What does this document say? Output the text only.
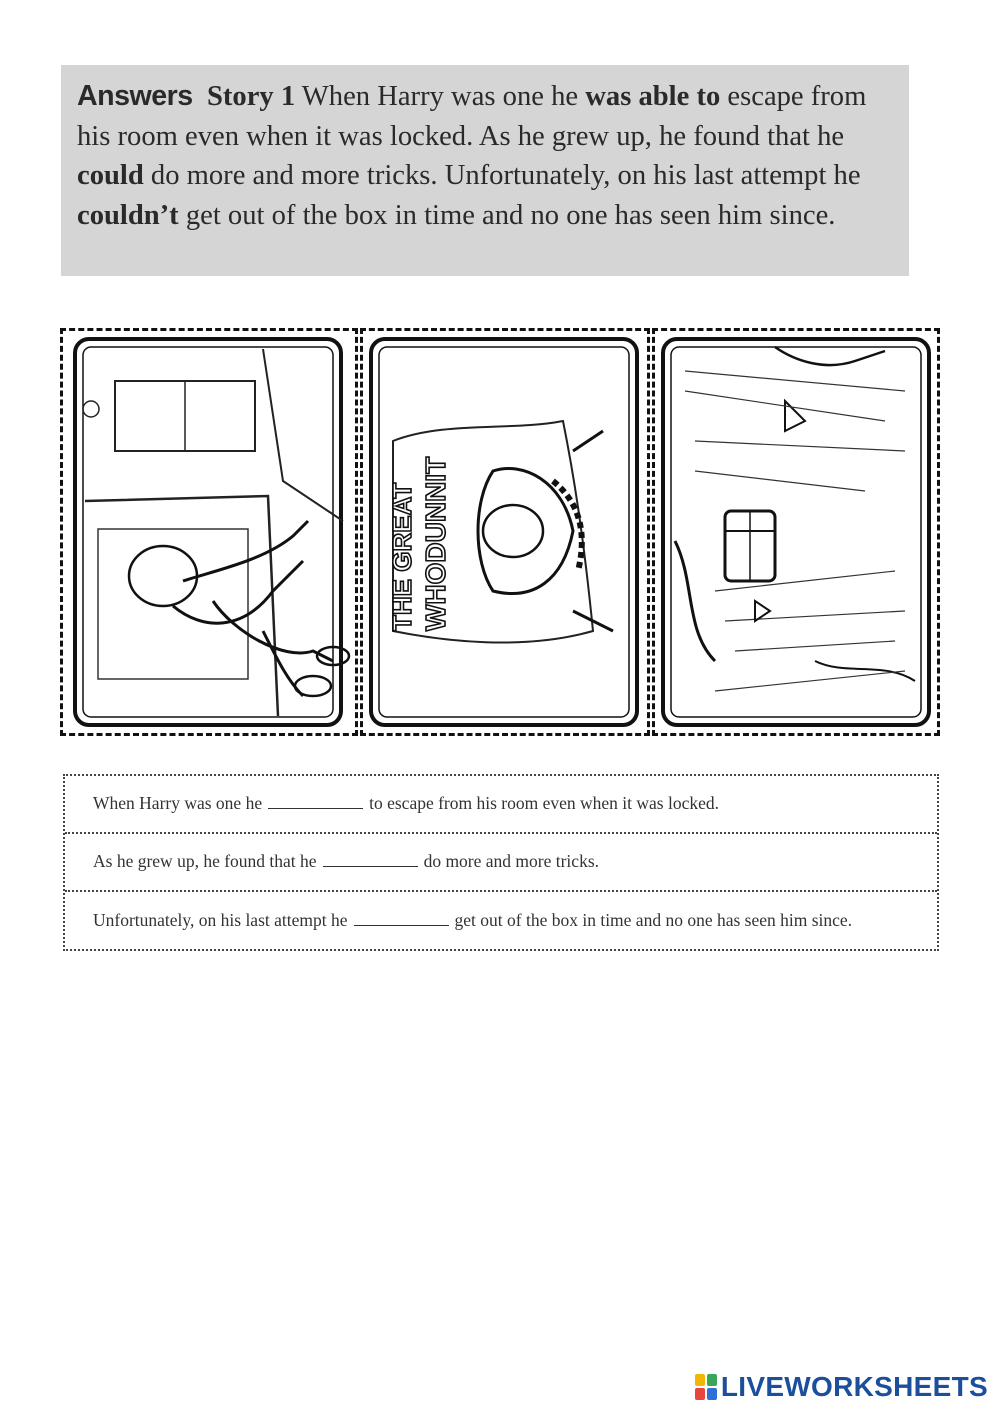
Answers Story 1 When Harry was one he was able to escape from his room even when it was locked. As he grew up, he found that he could do more and more tricks. Unfortunately, on his last attempt he couldn’t get out of the box in time and no one has seen him since.
THE GREAT WHODUNNIT
When Harry was one he	to escape from his room even when it was locked.
As he grew up, he found that he	do more and more tricks.
Unfortunately, on his last attempt he	get out of the box in time and no one has seen him since.
LIVEWORKSHEETS
